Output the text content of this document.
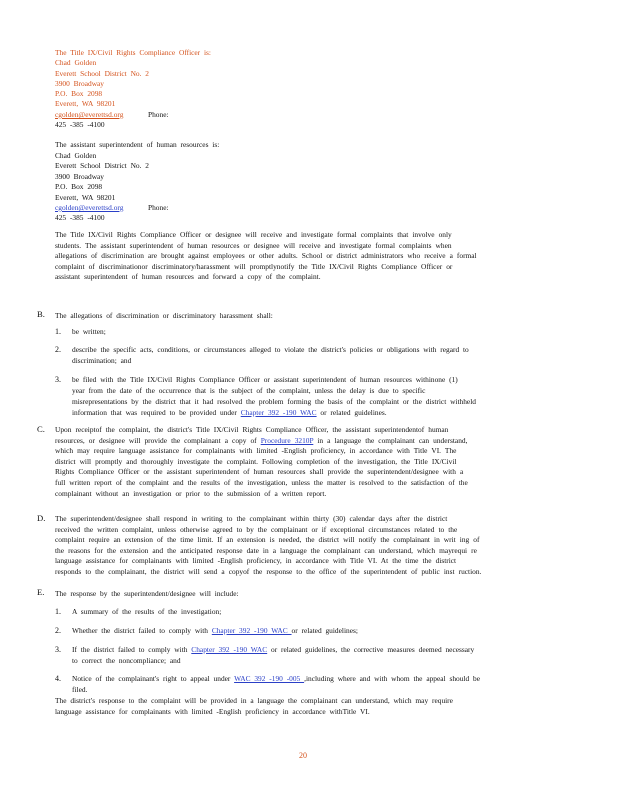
The Title IX/Civil Rights Compliance Officer is:
Chad Golden
Everett School District No. 2
3900 Broadway
P.O. Box 2098
Everett, WA 98201
cgolden@everettsd.org	Phone:
425 -385 -4100
The assistant superintendent of human resources is:
Chad Golden
Everett School District No. 2
3900 Broadway
P.O. Box 2098
Everett, WA 98201
cgolden@everettsd.org	Phone:
425 -385 -4100
The Title IX/Civil Rights Compliance Officer or designee will receive and investigate formal complaints that involve only
students. The assistant superintendent of human resources or designee will receive and investigate formal complaints when
allegations of discrimination are brought against employees or other adults. School or district administrators who receive a formal
complaint of discriminationor discriminatory/harassment will promptlynotify the Title IX/Civil Rights Compliance Officer or
assistant superintendent of human resources and forward a copy of the complaint.
B. The allegations of discrimination or discriminatory harassment shall:
1. be written;
2. describe the specific acts, conditions, or circumstances alleged to violate the district's policies or obligations with regard to
discrimination; and
3. be filed with the Title IX/Civil Rights Compliance Officer or assistant superintendent of human resources withinone (1)
year from the date of the occurrence that is the subject of the complaint, unless the delay is due to specific
misrepresentations by the district that it had resolved the problem forming the basis of the complaint or the district withheld
information that was required to be provided under Chapter 392 -190 WAC or related guidelines.
C. Upon receiptof the complaint, the district's Title IX/Civil Rights Compliance Officer, the assistant superintendentof human
resources, or designee will provide the complainant a copy of Procedure 3210P in a language the complainant can understand,
which may require language assistance for complainants with limited -English proficiency, in accordance with Title VI. The
district will promptly and thoroughly investigate the complaint. Following completion of the investigation, the Title IX/Civil
Rights Compliance Officer or the assistant superintendent of human resources shall provide the superintendent/designee with a
full written report of the complaint and the results of the investigation, unless the matter is resolved to the satisfaction of the
complainant without an investigation or prior to the submission of a written report.
D. The superintendent/designee shall respond in writing to the complainant within thirty (30) calendar days after the district
received the written complaint, unless otherwise agreed to by the complainant or if exceptional circumstances related to the
complaint require an extension of the time limit. If an extension is needed, the district will notify the complainant in writ ing of
the reasons for the extension and the anticipated response date in a language the complainant can understand, which mayrequi re
language assistance for complainants with limited -English proficiency, in accordance with Title VI. At the time the district
responds to the complainant, the district will send a copyof the response to the office of the superintendent of public inst ruction.
E. The response by the superintendent/designee will include:
1. A summary of the results of the investigation;
2. Whether the district failed to comply with Chapter 392 -190 WAC or related guidelines;
3. If the district failed to comply with Chapter 392 -190 WAC or related guidelines, the corrective measures deemed necessary
to correct the noncompliance; and
4. Notice of the complainant's right to appeal under WAC 392 -190 -005 ,including where and with whom the appeal should be
filed.
The district's response to the complaint will be provided in a language the complainant can understand, which may require
language assistance for complainants with limited -English proficiency in accordance withTitle VI.
20
